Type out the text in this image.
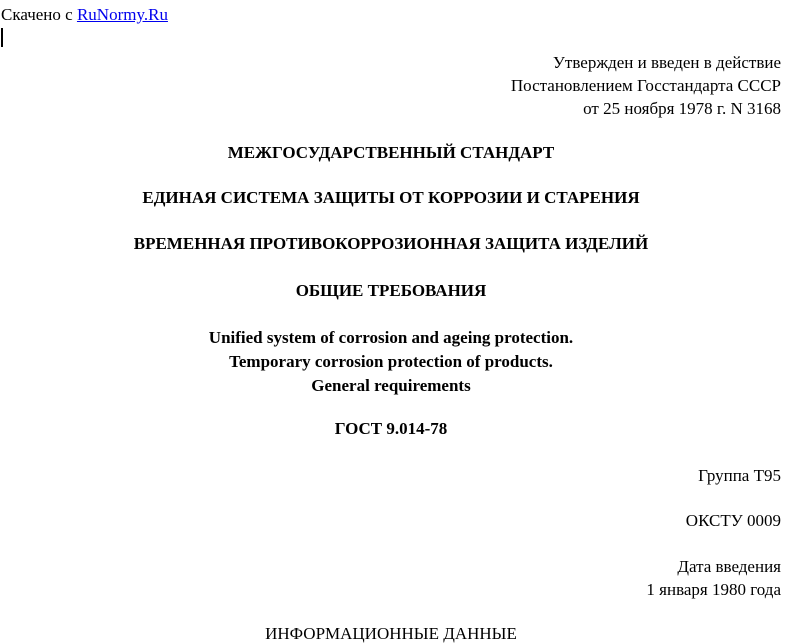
Скачено с RuNormy.Ru
Утвержден и введен в действие
Постановлением Госстандарта СССР
от 25 ноября 1978 г. N 3168
МЕЖГОСУДАРСТВЕННЫЙ СТАНДАРТ
ЕДИНАЯ СИСТЕМА ЗАЩИТЫ ОТ КОРРОЗИИ И СТАРЕНИЯ
ВРЕМЕННАЯ ПРОТИВОКОРРОЗИОННАЯ ЗАЩИТА ИЗДЕЛИЙ
ОБЩИЕ ТРЕБОВАНИЯ
Unified system of corrosion and ageing protection.
Temporary corrosion protection of products.
General requirements
ГОСТ 9.014-78
Группа Т95
ОКСТУ 0009
Дата введения
1 января 1980 года
ИНФОРМАЦИОННЫЕ ДАННЫЕ
